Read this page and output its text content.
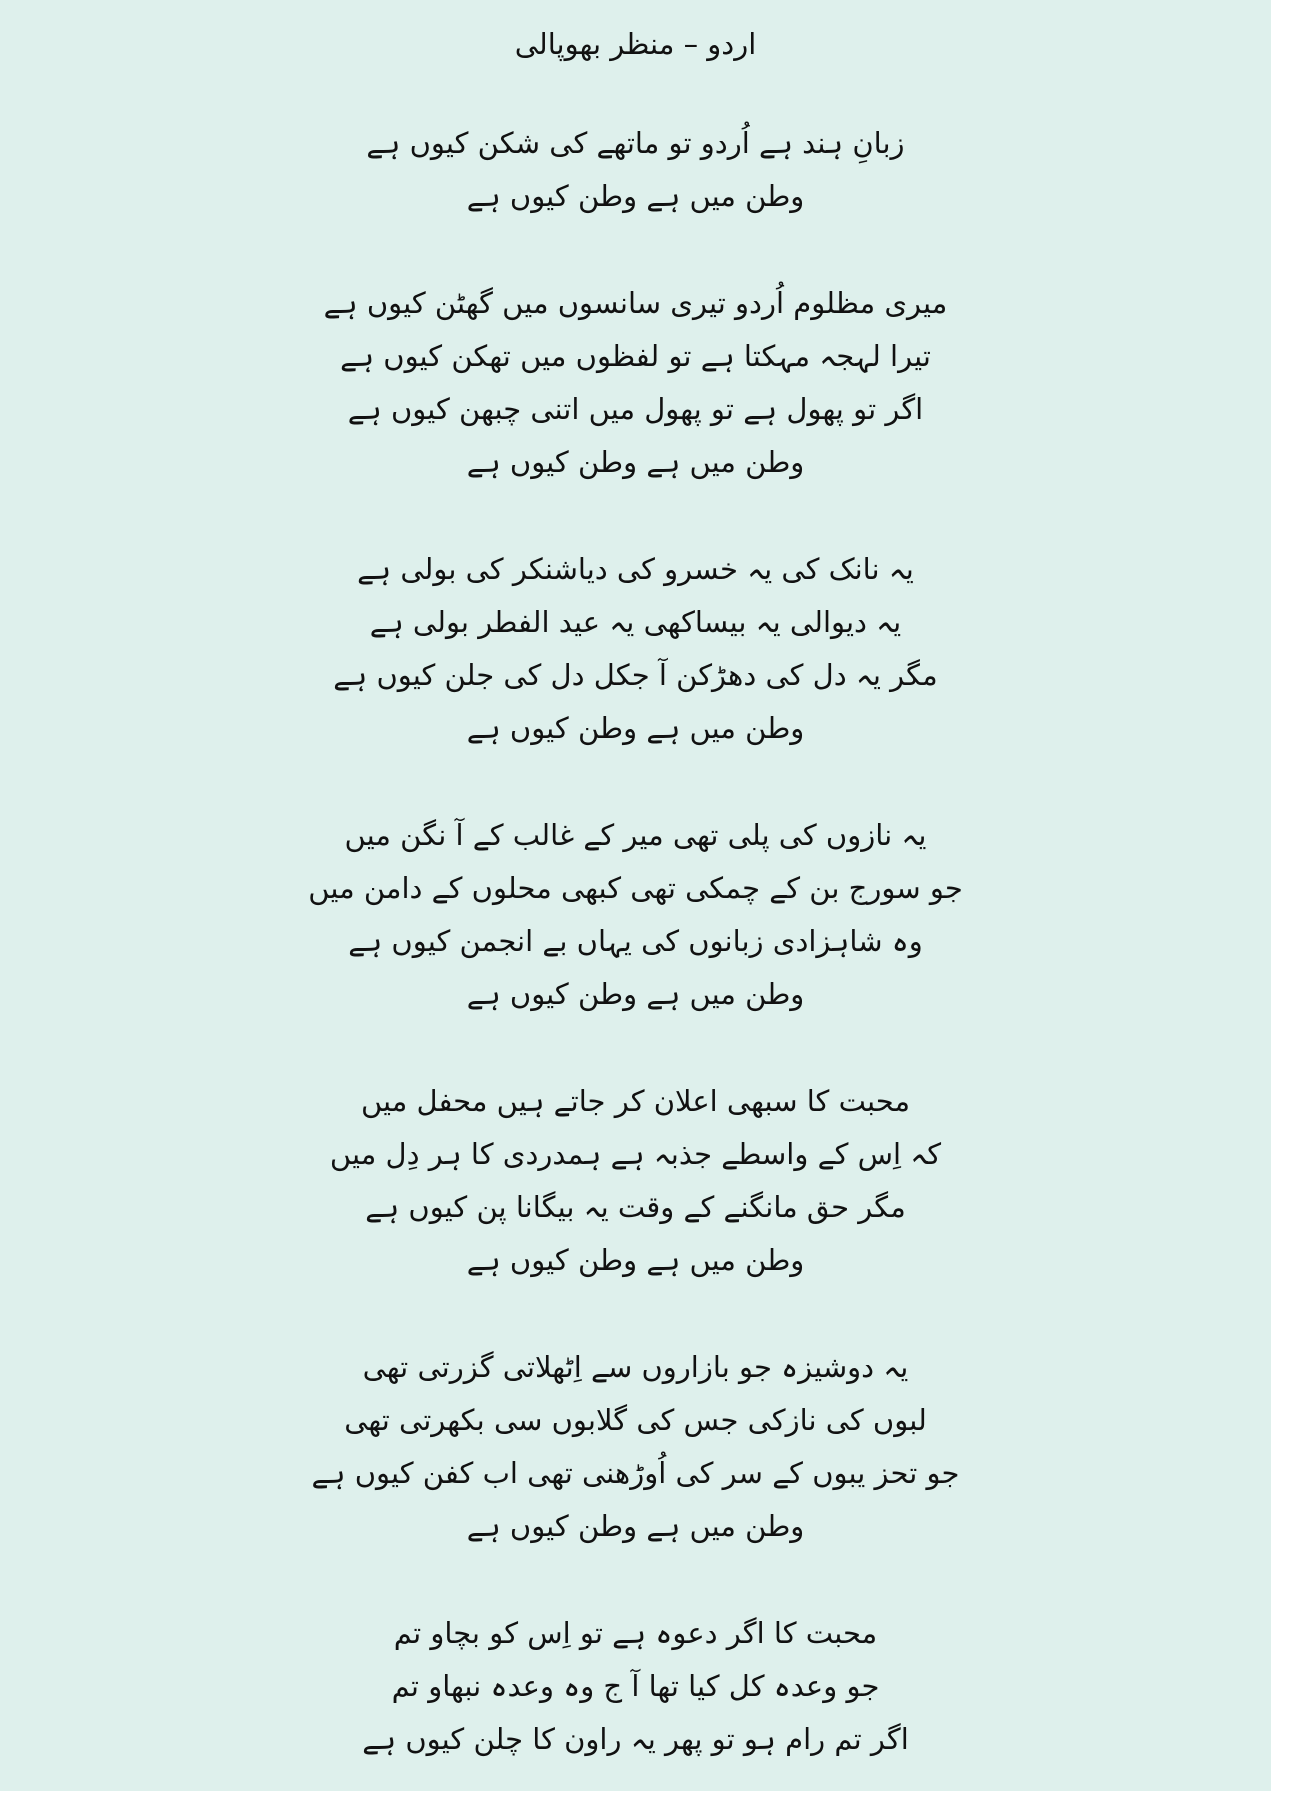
اردو – منظر بھوپالی
زبانِ ہند ہے اُردو تو ماتھے کی شکن کیوں ہے
وطن میں ہے وطن کیوں ہے
میری مظلوم اُردو تیری سانسوں میں گھٹن کیوں ہے
تیرا لہجہ مہکتا ہے تو لفظوں میں تھکن کیوں ہے
اگر تو پھول ہے تو پھول میں اتنی چبھن کیوں ہے
وطن میں ہے وطن کیوں ہے
یہ نانک کی یہ خسرو کی دیاشنکر کی بولی ہے
یہ دیوالی یہ بیساکھی یہ عید الفطر بولی ہے
مگر یہ دل کی دھڑکن آ جکل دل کی جلن کیوں ہے
وطن میں ہے وطن کیوں ہے
یہ نازوں کی پلی تھی میر کے غالب کے آ نگن میں
جو سورج بن کے چمکی تھی کبھی محلوں کے دامن میں
وہ شاہزادی زبانوں کی یہاں بے انجمن کیوں ہے
وطن میں ہے وطن کیوں ہے
محبت کا سبھی اعلان کر جاتے ہیں محفل میں
کہ اِس کے واسطے جذبہ ہے ہمدردی کا ہر دِل میں
مگر حق مانگنے کے وقت یہ بیگانا پن کیوں ہے
وطن میں ہے وطن کیوں ہے
یہ دوشیزہ جو بازاروں سے اِٹھلاتی گزرتی تھی
لبوں کی نازکی جس کی گلابوں سی بکھرتی تھی
جو تحز یبوں کے سر کی اُوڑھنی تھی اب کفن کیوں ہے
وطن میں ہے وطن کیوں ہے
محبت کا اگر دعوہ ہے تو اِس کو بچاو تم
جو وعدہ کل کیا تھا آ ج وہ وعدہ نبھاو تم
اگر تم رام ہو تو پھر یہ راون کا چلن کیوں ہے
